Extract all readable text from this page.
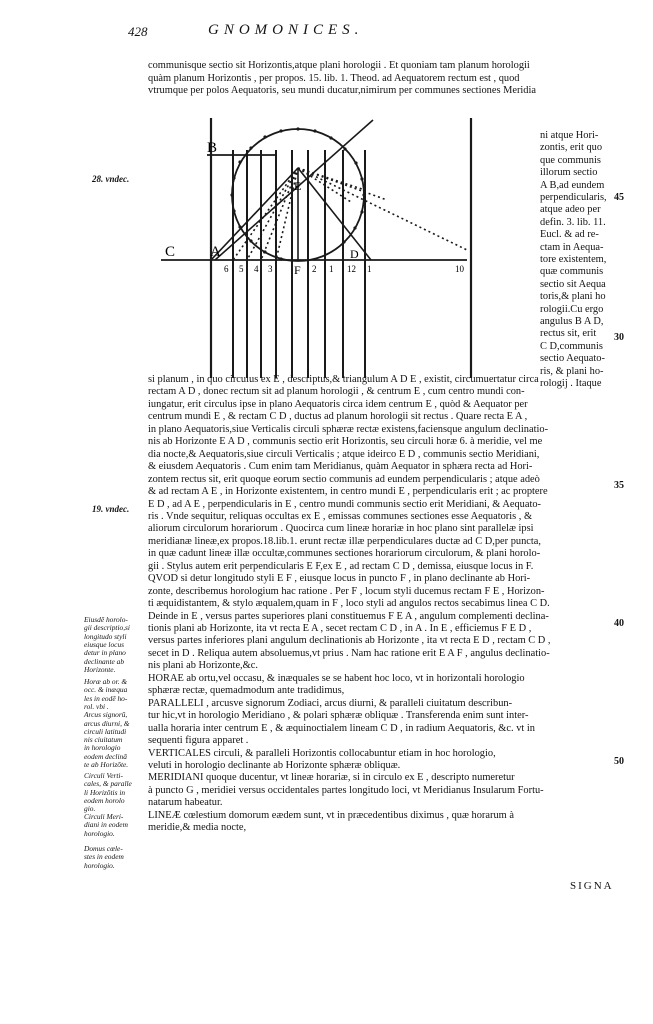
428	GNOMONICES.
communisque sectio sit Horizontis,atque plani horologii . Et quoniam tam planum horologii
quàm planum Horizontis , per propos. 15. lib. 1. Theod. ad Aequatorem rectum est , quod
vtrumque per polos Aequatoris, seu mundi ducatur,nimirum per communes sectiones Meridia
B
C A
E
F
D
6 5 4 3	2 1 12 1	10
ni atque Hori-
zontis, erit quo
que communis
illorum sectio
A B,ad eundem
perpendicularis,
atque adeo per
defin. 3. lib. 11.
Eucl. & ad re-
ctam in Aequa-
tore existentem,
quæ communis
sectio sit Aequa
toris,& plani ho
rologii.Cu ergo
angulus B A D,
rectus sit, erit
C D,communis
sectio Aequato-
ris, & plani ho-
rologij . Itaque
si planum , in quo circulus ex E , descriptus,& triangulum A D E , existit, circumuertatur circa
rectam A D , donec rectum sit ad planum horologii , & centrum E , cum centro mundi con-
iungatur, erit circulus ipse in plano Aequatoris circa idem centrum E , quòd & Aequator per
centrum mundi E , & rectam C D , ductus ad planum horologii sit rectus . Quare recta E A ,
in plano Aequatoris,siue Verticalis circuli sphæræ rectæ existens,faciensque angulum declinatio-
nis ab Horizonte E A D , communis sectio erit Horizontis, seu circuli horæ 6. à meridie, vel me
dia nocte,& Aequatoris,siue circuli Verticalis ; atque ideirco E D , communis sectio Meridiani,
& eiusdem Aequatoris . Cum enim tam Meridianus, quàm Aequator in sphæra recta ad Hori-
zontem rectus sit, erit quoque eorum sectio communis ad eundem perpendicularis ; atque adeò
& ad rectam A E , in Horizonte existentem, in centro mundi E , perpendicularis erit ; ac proptere
E D , ad A E , perpendicularis in E , centro mundi communis sectio erit Meridiani, & Aequato-
ris . Vnde sequitur, reliquas occultas ex E , emissas communes sectiones esse Aequatoris , &
aliorum circulorum horariorum . Quocirca cum lineæ horariæ in hoc plano sint parallelæ ipsi
meridianæ lineæ,ex propos.18.lib.1. erunt rectæ illæ perpendiculares ductæ ad C D,per puncta,
in quæ cadunt lineæ illæ occultæ,communes sectiones horariorum circulorum, & plani horolo-
gii . Stylus autem erit perpendicularis E F,ex E , ad rectam C D , demissa, eiusque locus in F.
QVOD si detur longitudo styli E F , eiusque locus in puncto F , in plano declinante ab Hori-
zonte, describemus horologium hac ratione . Per F , locum styli ducemus rectam F E , Horizon-
ti æquidistantem, & stylo æqualem,quam in F , loco styli ad angulos rectos secabimus linea C D.
Deinde in E , versus partes superiores plani constituemus F E A , angulum complementi declina-
tionis plani ab Horizonte, ita vt recta E A , secet rectam C D , in A . In E , efficiemus F E D ,
versus partes inferiores plani angulum declinationis ab Horizonte , ita vt recta E D , rectam C D ,
secet in D . Reliqua autem absoluemus,vt prius . Nam hac ratione erit E A F , angulus declinatio-
nis plani ab Horizonte,&c.
HORAE ab ortu,vel occasu, & inæquales se se habent hoc loco, vt in horizontali horologio
sphæræ rectæ, quemadmodum ante tradidimus,
PARALLELI , arcusve signorum Zodiaci, arcus diurni, & paralleli ciuitatum describun-
tur hic,vt in horologio Meridiano , & polari sphæræ obliquæ . Transferenda enim sunt inter-
ualla horaria inter centrum E , & æquinoctialem lineam C D , in radium Aequatoris, &c. vt in
sequenti figura apparet .
VERTICALES circuli, & paralleli Horizontis collocabuntur etiam in hoc horologio,
veluti in horologio declinante ab Horizonte sphæræ obliquæ.
MERIDIANI quoque ducentur, vt lineæ horariæ, si in circulo ex E , descripto numeretur
à puncto G , meridiei versus occidentales partes longitudo loci, vt Meridianus Insularum Fortu-
natarum habeatur.
LINEÆ cœlestium domorum eædem sunt, vt in præcedentibus diximus , quæ horarum à
meridie,& media nocte,
28. vndec.
19. vndec.
Eiusdē horolo-
gii descriptio,si
longitudo styli
eiusque locus
detur in plano
declinante ab
Horizonte.
Horæ ab or. &
occ. & inæqua
les in eodē ho-
rol. vbi .
Arcus signorū,
arcus diurni, &
circuli latitudi
nis ciuitatum
in horologio
eodem declinā
te ab Horizōte.
Circuli Verti-
cales, & paralle
li Horizōtis in
eodem horolo
gio.
Circuli Meri-
diani in eodem
horologio.
Domus cœle-
stes in eodem
horologio.
30
35
40
45
50
SIGNA
